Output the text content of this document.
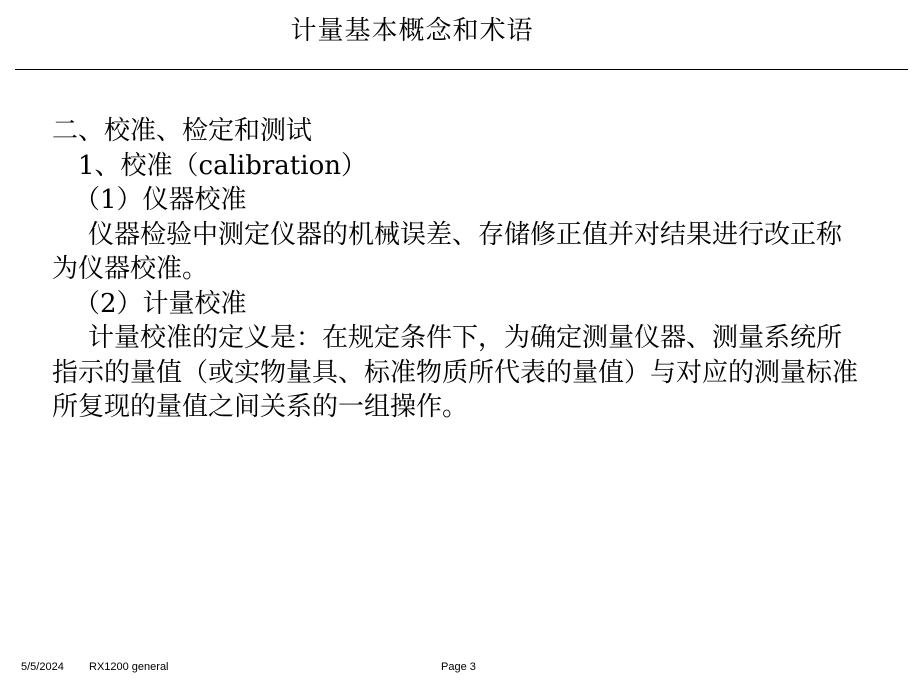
计量基本概念和术语
二、校准、检定和测试
1、校准（calibration）
（1）仪器校准
仪器检验中测定仪器的机械误差、存储修正值并对结果进行改正称为仪器校准。
（2）计量校准
计量校准的定义是：在规定条件下，为确定测量仪器、测量系统所指示的量值（或实物量具、标准物质所代表的量值）与对应的测量标准所复现的量值之间关系的一组操作。
5/5/2024 RX1200 general	Page 3
